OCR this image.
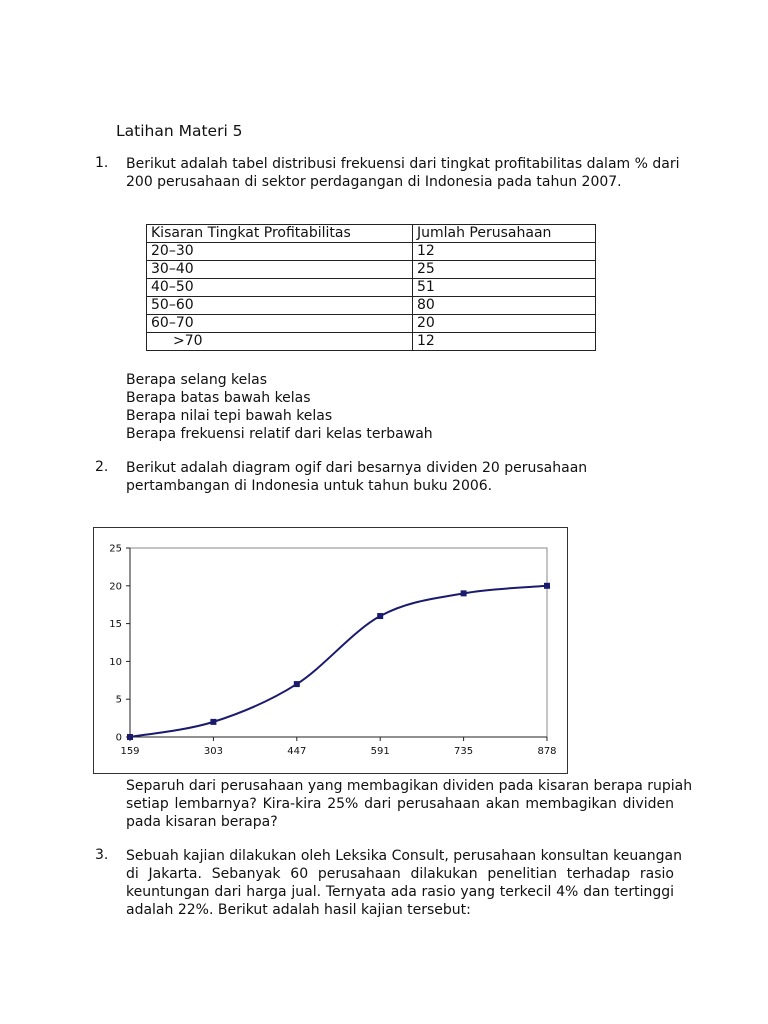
Latihan Materi 5
1. Berikut adalah tabel distribusi frekuensi dari tingkat profitabilitas dalam % dari
200 perusahaan di sektor perdagangan di Indonesia pada tahun 2007.
Kisaran Tingkat Profitabilitas	Jumlah Perusahaan
20–30	12
30–40	25
40–50	51
50–60	80
60–70	20
>70	12
Berapa selang kelas
Berapa batas bawah kelas
Berapa nilai tepi bawah kelas
Berapa frekuensi relatif dari kelas terbawah
2. Berikut adalah diagram ogif dari besarnya dividen 20 perusahaan
pertambangan di Indonesia untuk tahun buku 2006.
0
5
10
15
20
25
159	303	447	591	735	878
Separuh dari perusahaan yang membagikan dividen pada kisaran berapa rupiah
setiap lembarnya? Kira-kira 25% dari perusahaan akan membagikan dividen
pada kisaran berapa?
3. Sebuah kajian dilakukan oleh Leksika Consult, perusahaan konsultan keuangan
di Jakarta. Sebanyak 60 perusahaan dilakukan penelitian terhadap rasio
keuntungan dari harga jual. Ternyata ada rasio yang terkecil 4% dan tertinggi
adalah 22%. Berikut adalah hasil kajian tersebut:
